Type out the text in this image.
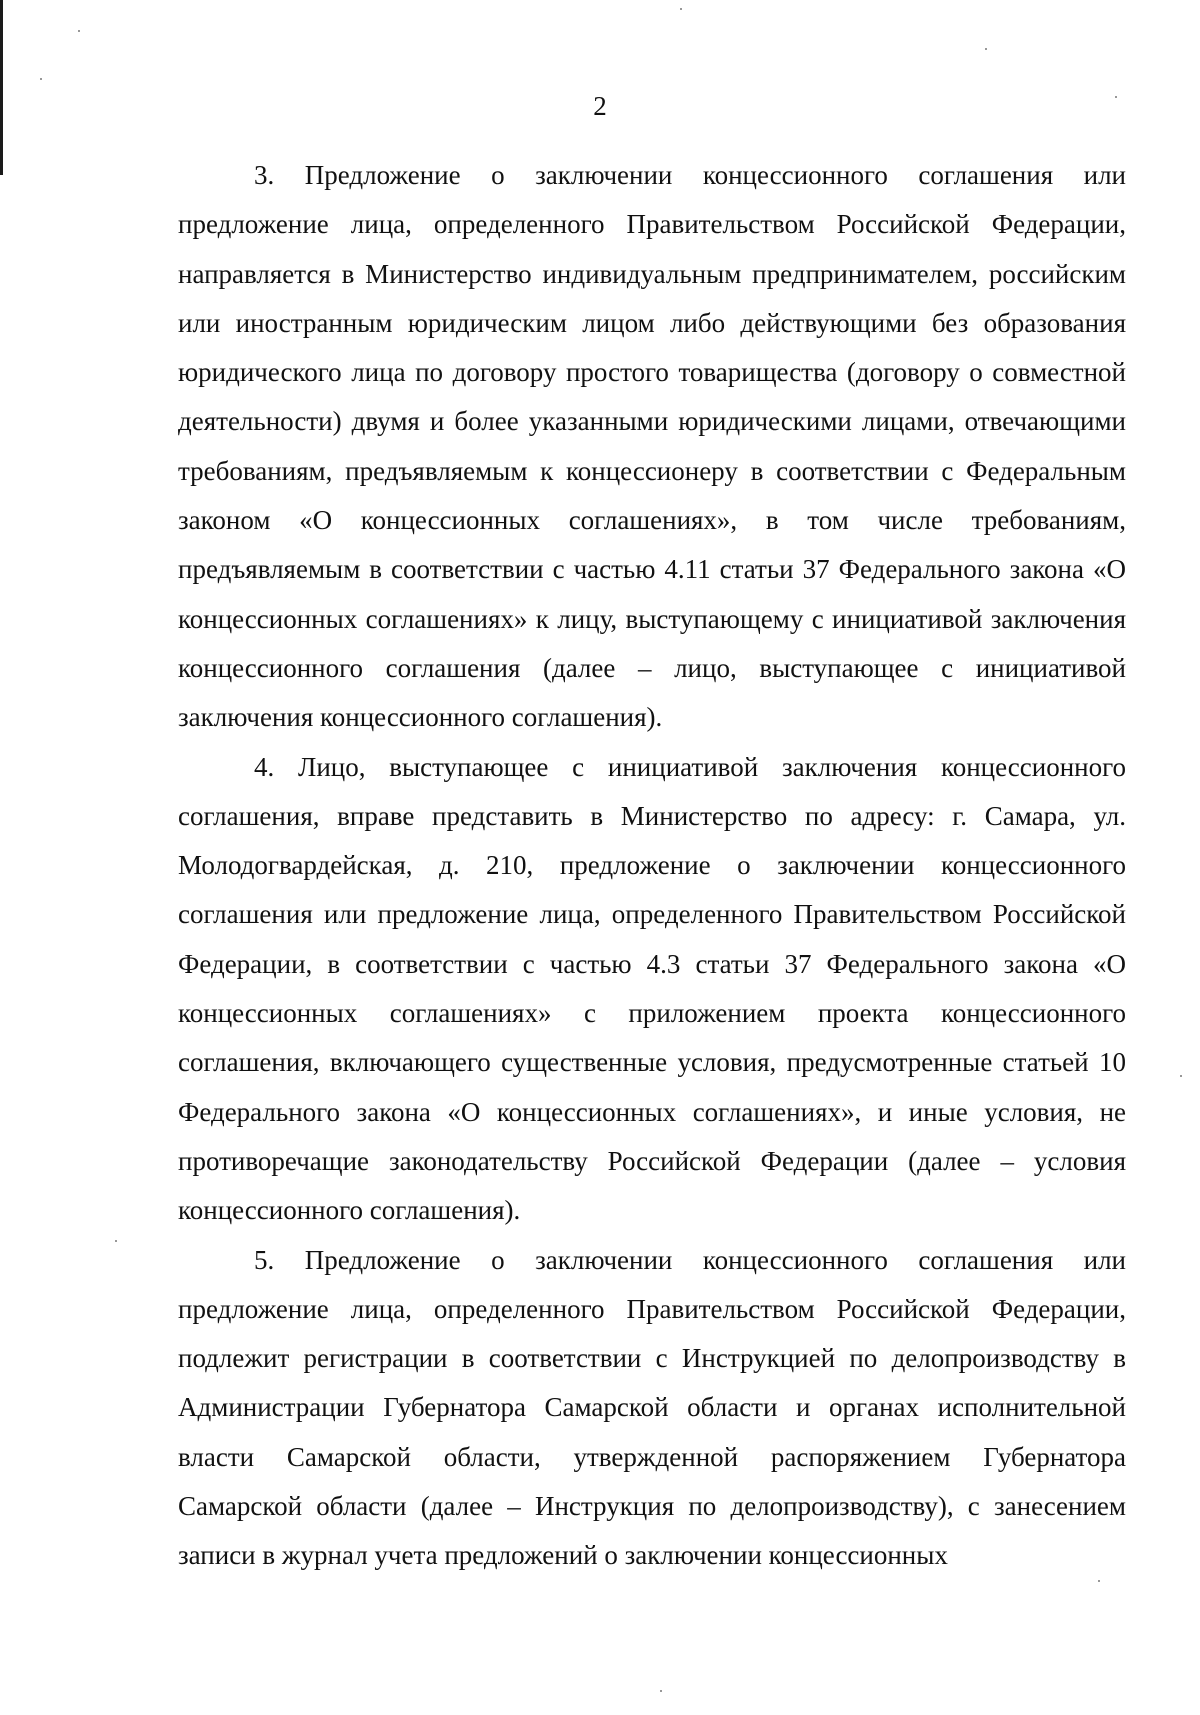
2

3. Предложение о заключении концессионного соглашения или предложение лица, определенного Правительством Российской Федерации, направляется в Министерство индивидуальным предпринимателем, российским или иностранным юридическим лицом либо действующими без образования юридического лица по договору простого товарищества (договору о совместной деятельности) двумя и более указанными юридическими лицами, отвечающими требованиям, предъявляемым к концессионеру в соответствии с Федеральным законом «О концессионных соглашениях», в том числе требованиям, предъявляемым в соответствии с частью 4.11 статьи 37 Федерального закона «О концессионных соглашениях» к лицу, выступающему с инициативой заключения концессионного соглашения (далее – лицо, выступающее с инициативой заключения концессионного соглашения).

4. Лицо, выступающее с инициативой заключения концессионного соглашения, вправе представить в Министерство по адресу: г. Самара, ул. Молодогвардейская, д. 210, предложение о заключении концессионного соглашения или предложение лица, определенного Правительством Российской Федерации, в соответствии с частью 4.3 статьи 37 Федерального закона «О концессионных соглашениях» с приложением проекта концессионного соглашения, включающего существенные условия, предусмотренные статьей 10 Федерального закона «О концессионных соглашениях», и иные условия, не противоречащие законодательству Российской Федерации (далее – условия концессионного соглашения).

5. Предложение о заключении концессионного соглашения или предложение лица, определенного Правительством Российской Федерации, подлежит регистрации в соответствии с Инструкцией по делопроизводству в Администрации Губернатора Самарской области и органах исполнительной власти Самарской области, утвержденной распоряжением Губернатора Самарской области (далее – Инструкция по делопроизводству), с занесением записи в журнал учета предложений о заключении концессионных
